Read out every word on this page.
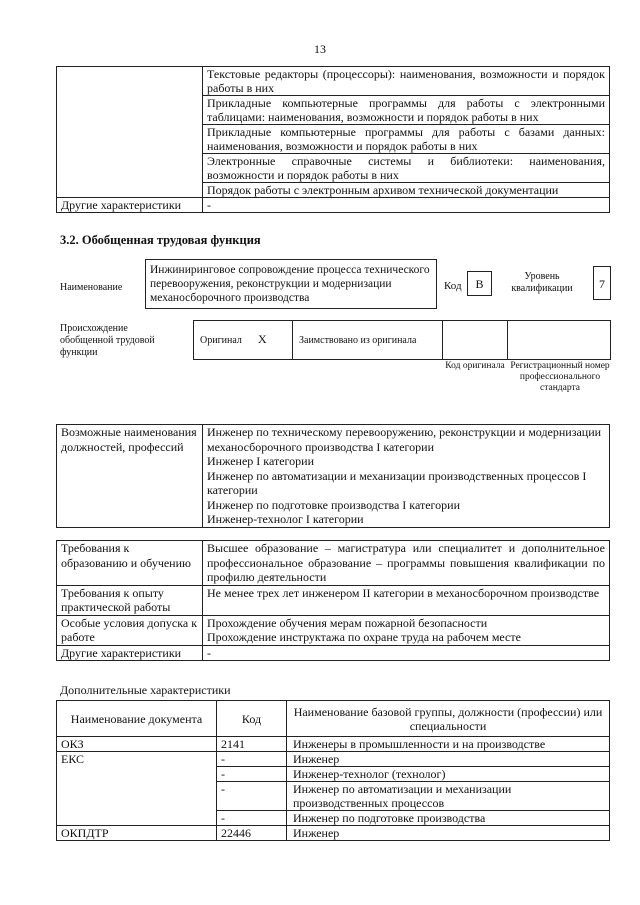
13
	Текстовые редакторы (процессоры): наименования, возможности и порядок работы в них
	Прикладные компьютерные программы для работы с электронными таблицами: наименования, возможности и порядок работы в них
	Прикладные компьютерные программы для работы с базами данных: наименования, возможности и порядок работы в них
	Электронные справочные системы и библиотеки: наименования, возможности и порядок работы в них
	Порядок работы с электронным архивом технической документации
Другие характеристики	-
3.2. Обобщенная трудовая функция
Наименование
Инжиниринговое сопровождение процесса технического перевооружения, реконструкции и модернизации механосборочного производства
Код	В
Уровень квалификации	7
Происхождение обобщенной трудовой функции
Оригинал Х	Заимствовано из оригинала
Код оригинала Регистрационный номер профессионального стандарта
Возможные наименования должностей, профессий	
Инженер по техническому перевооружению, реконструкции и модернизации механосборочного производства I категории
Инженер I категории
Инженер по автоматизации и механизации производственных процессов I категории
Инженер по подготовке производства I категории
Инженер-технолог I категории
Требования к образованию и обучению	Высшее образование – магистратура или специалитет и дополнительное профессиональное образование – программы повышения квалификации по профилю деятельности
Требования к опыту практической работы	Не менее трех лет инженером II категории в механосборочном производстве
Особые условия допуска к работе	Прохождение обучения мерам пожарной безопасности
Прохождение инструктажа по охране труда на рабочем месте

Другие характеристики	-
Дополнительные характеристики
Наименование документа	Код	Наименование базовой группы, должности (профессии) или специальности
ОКЗ	2141	Инженеры в промышленности и на производстве
ЕКС	-	Инженер
	-	Инженер-технолог (технолог)
	-	Инженер по автоматизации и механизации производственных процессов
	-	Инженер по подготовке производства
ОКПДТР	22446	Инженер
